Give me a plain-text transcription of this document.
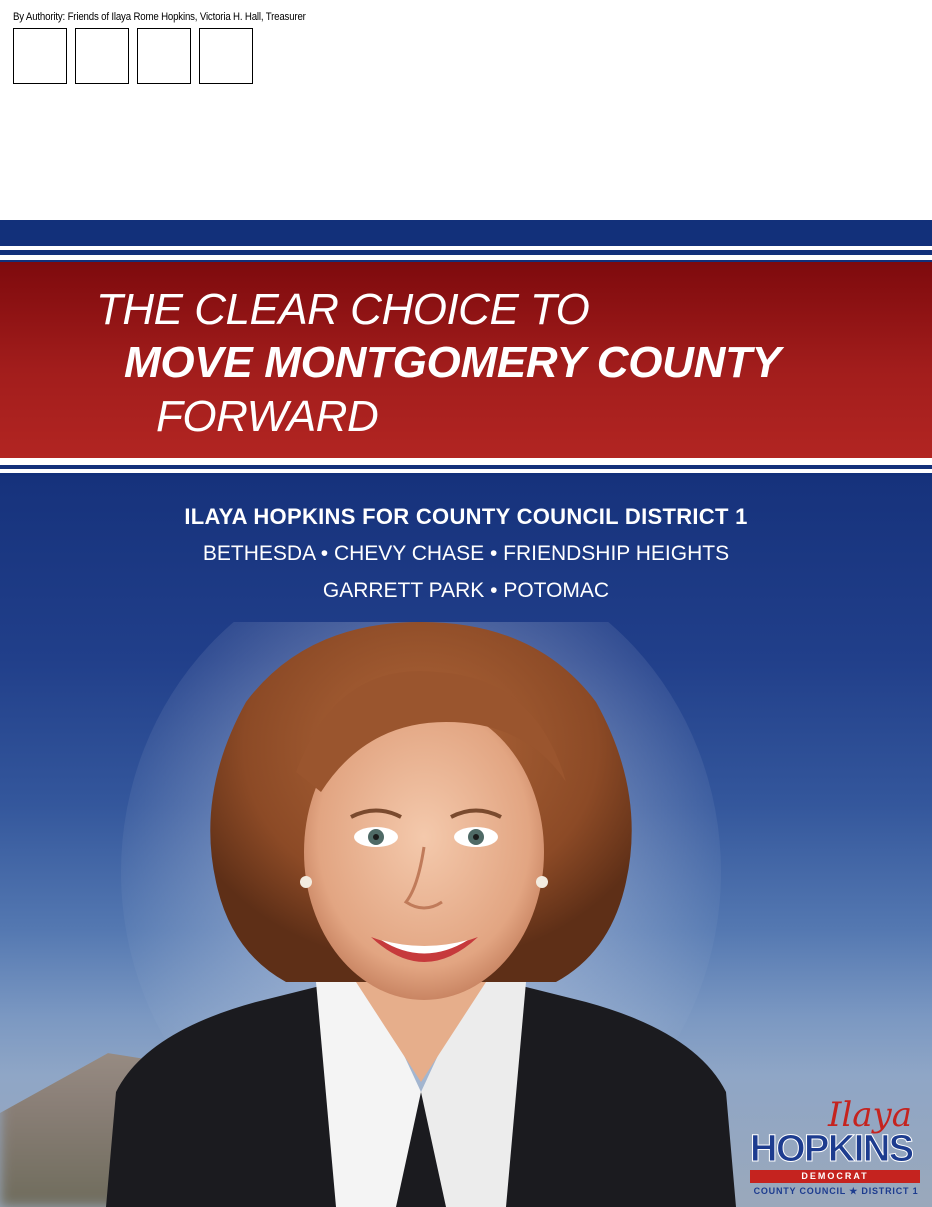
By Authority: Friends of Ilaya Rome Hopkins, Victoria H. Hall, Treasurer
THE CLEAR CHOICE TO
MOVE MONTGOMERY COUNTY
FORWARD
ILAYA HOPKINS FOR COUNTY COUNCIL DISTRICT 1
BETHESDA • CHEVY CHASE • FRIENDSHIP HEIGHTS
GARRETT PARK • POTOMAC
Ilaya
HOPKINS
DEMOCRAT
COUNTY COUNCIL ★ DISTRICT 1
